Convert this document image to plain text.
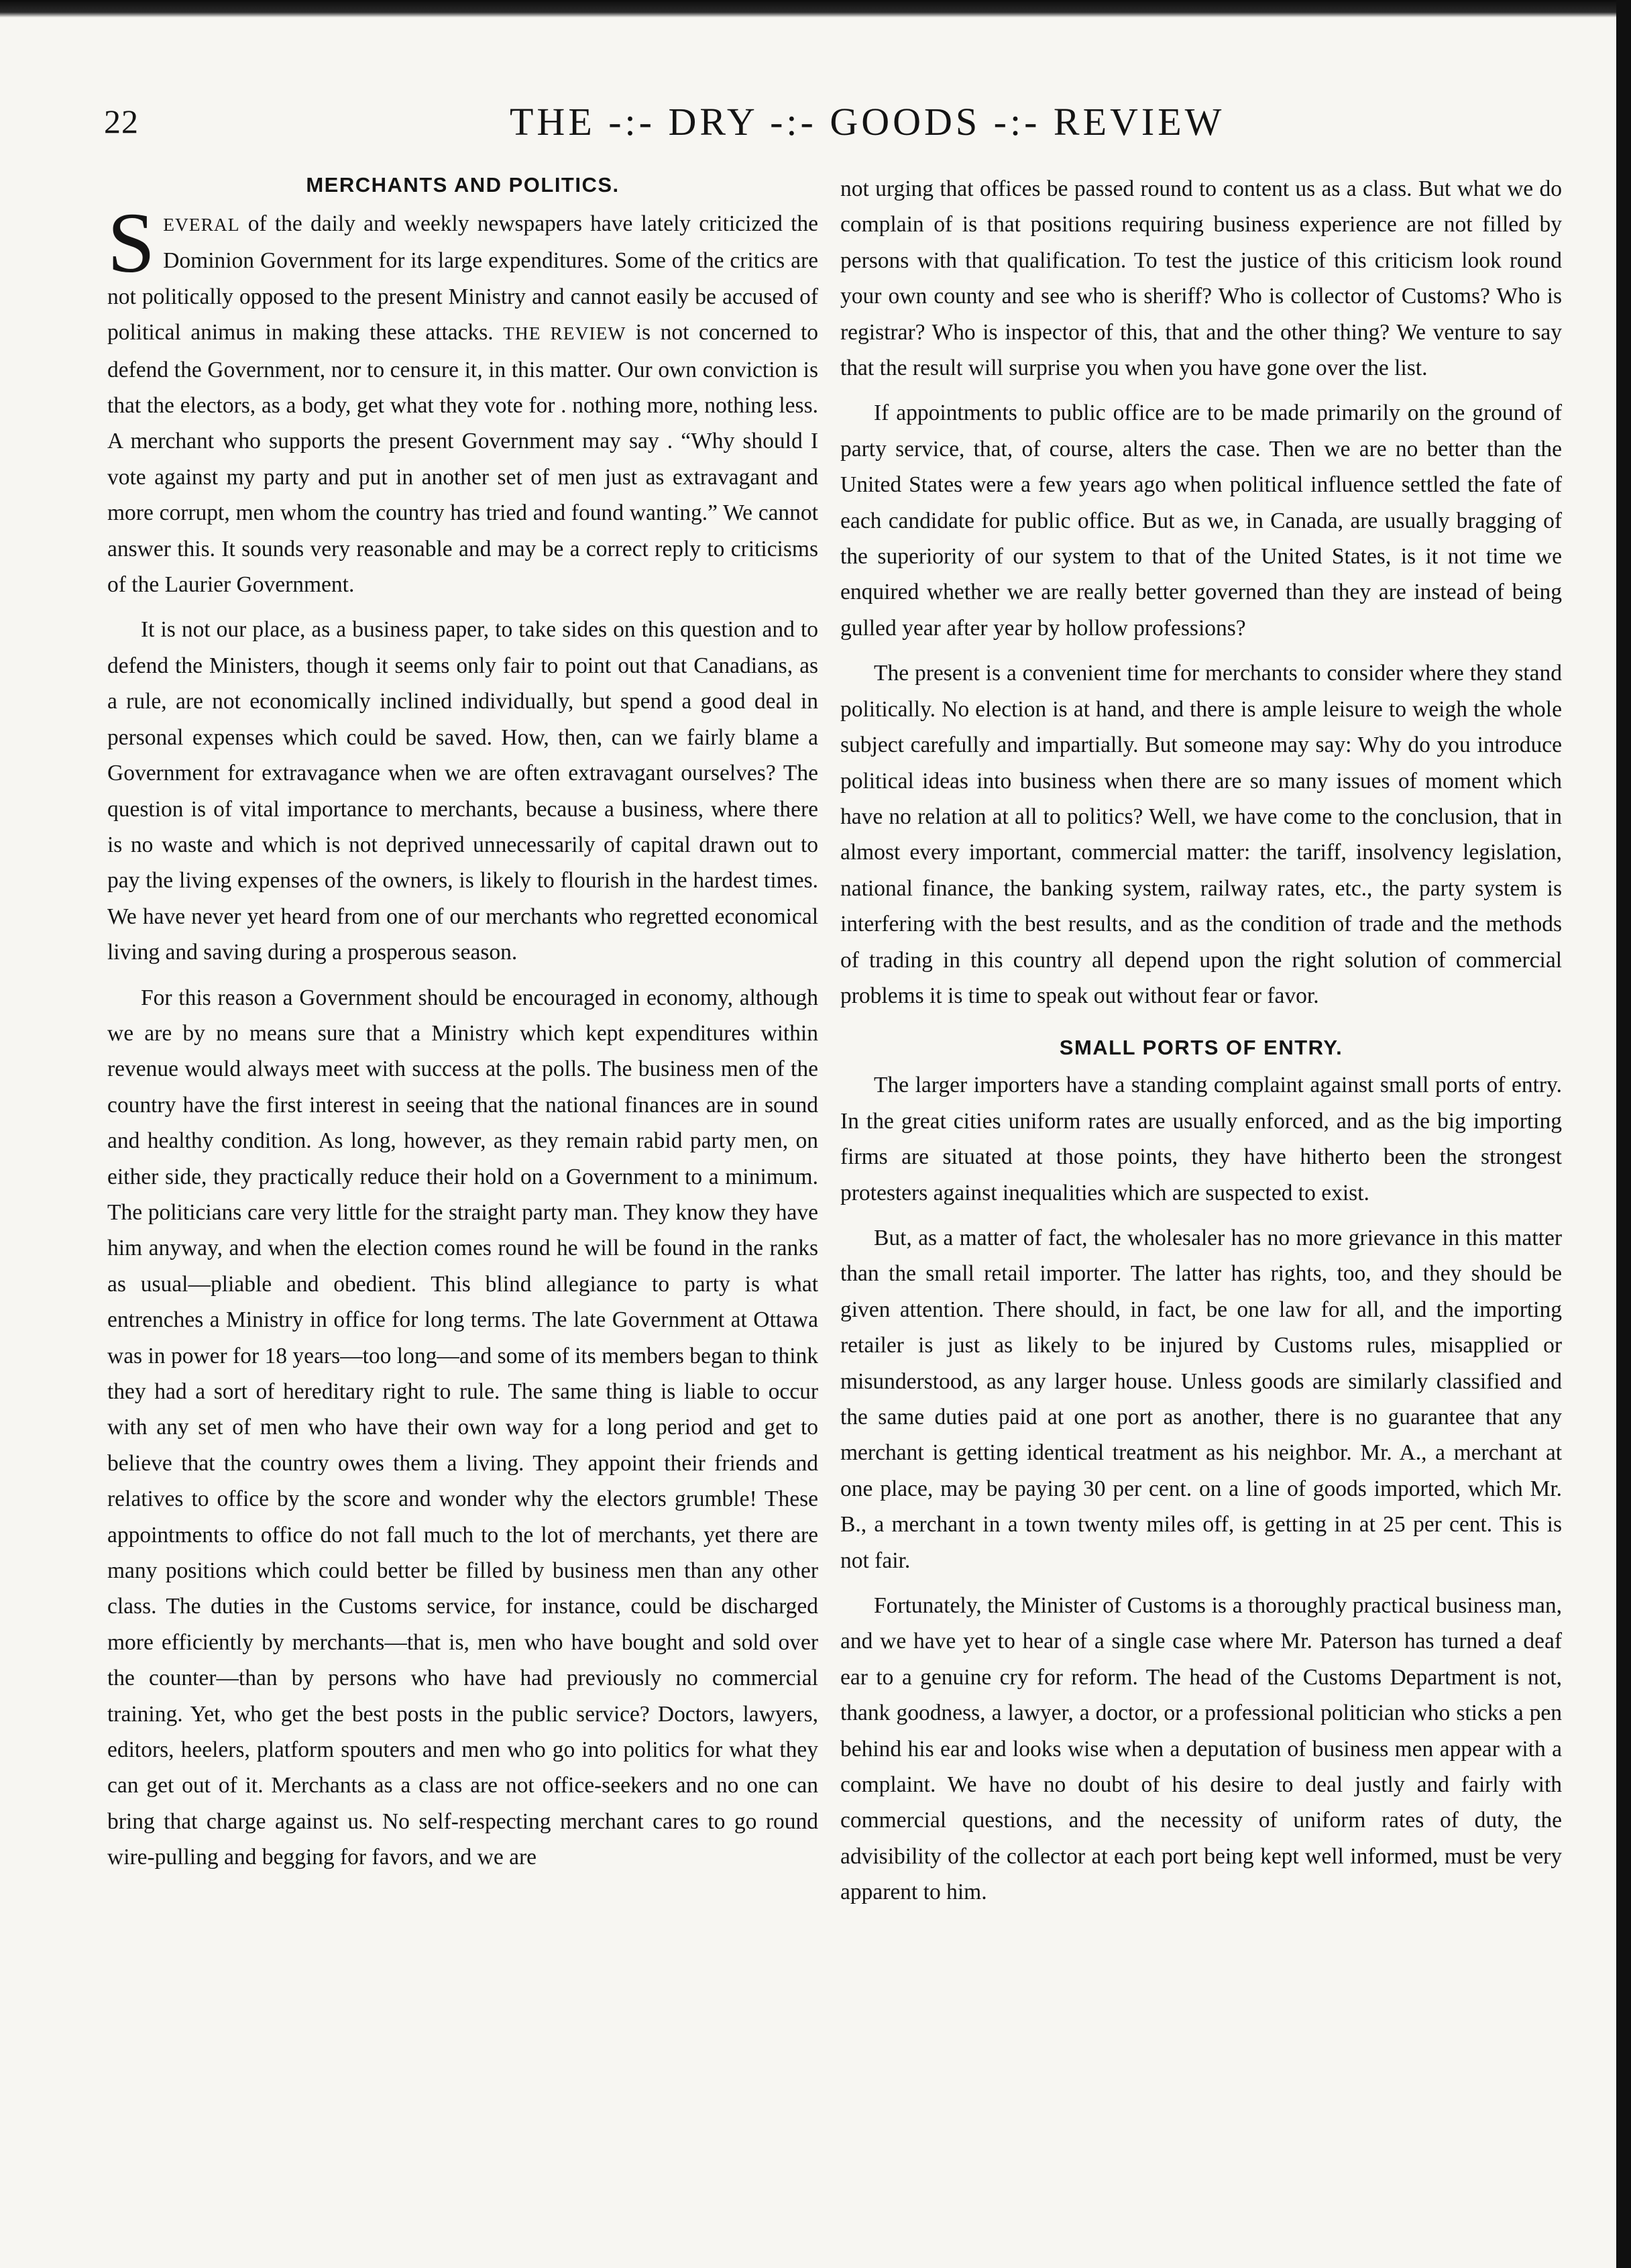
22	THE -:- DRY -:- GOODS -:- REVIEW
MERCHANTS AND POLITICS.

SEVERAL of the daily and weekly newspapers have lately criticized the Dominion Government for its large expenditures. Some of the critics are not politically opposed to the present Ministry and cannot easily be accused of political animus in making these attacks. THE REVIEW is not concerned to defend the Government, nor to censure it, in this matter. Our own conviction is that the electors, as a body, get what they vote for . nothing more, nothing less. A merchant who supports the present Government may say . “Why should I vote against my party and put in another set of men just as extravagant and more corrupt, men whom the country has tried and found wanting.” We cannot answer this. It sounds very reasonable and may be a correct reply to criticisms of the Laurier Government.

It is not our place, as a business paper, to take sides on this question and to defend the Ministers, though it seems only fair to point out that Canadians, as a rule, are not economically inclined individually, but spend a good deal in personal expenses which could be saved. How, then, can we fairly blame a Government for extravagance when we are often extravagant ourselves? The question is of vital importance to merchants, because a business, where there is no waste and which is not deprived unnecessarily of capital drawn out to pay the living expenses of the owners, is likely to flourish in the hardest times. We have never yet heard from one of our merchants who regretted economical living and saving during a prosperous season.

For this reason a Government should be encouraged in economy, although we are by no means sure that a Ministry which kept expenditures within revenue would always meet with success at the polls. The business men of the country have the first interest in seeing that the national finances are in sound and healthy condition. As long, however, as they remain rabid party men, on either side, they practically reduce their hold on a Government to a minimum. The politicians care very little for the straight party man. They know they have him anyway, and when the election comes round he will be found in the ranks as usual—pliable and obedient. This blind allegiance to party is what entrenches a Ministry in office for long terms. The late Government at Ottawa was in power for 18 years—too long—and some of its members began to think they had a sort of hereditary right to rule. The same thing is liable to occur with any set of men who have their own way for a long period and get to believe that the country owes them a living. They appoint their friends and relatives to office by the score and wonder why the electors grumble! These appointments to office do not fall much to the lot of merchants, yet there are many positions which could better be filled by business men than any other class. The duties in the Customs service, for instance, could be discharged more efficiently by merchants—that is, men who have bought and sold over the counter—than by persons who have had previously no commercial training. Yet, who get the best posts in the public service? Doctors, lawyers, editors, heelers, platform spouters and men who go into politics for what they can get out of it. Merchants as a class are not office-seekers and no one can bring that charge against us. No self-respecting merchant cares to go round wire-pulling and begging for favors, and we are

not urging that offices be passed round to content us as a class. But what we do complain of is that positions requiring business experience are not filled by persons with that qualification. To test the justice of this criticism look round your own county and see who is sheriff? Who is collector of Customs? Who is registrar? Who is inspector of this, that and the other thing? We venture to say that the result will surprise you when you have gone over the list.

If appointments to public office are to be made primarily on the ground of party service, that, of course, alters the case. Then we are no better than the United States were a few years ago when political influence settled the fate of each candidate for public office. But as we, in Canada, are usually bragging of the superiority of our system to that of the United States, is it not time we enquired whether we are really better governed than they are instead of being gulled year after year by hollow professions?

The present is a convenient time for merchants to consider where they stand politically. No election is at hand, and there is ample leisure to weigh the whole subject carefully and impartially. But someone may say: Why do you introduce political ideas into business when there are so many issues of moment which have no relation at all to politics? Well, we have come to the conclusion, that in almost every important, commercial matter: the tariff, insolvency legislation, national finance, the banking system, railway rates, etc., the party system is interfering with the best results, and as the condition of trade and the methods of trading in this country all depend upon the right solution of commercial problems it is time to speak out without fear or favor.

SMALL PORTS OF ENTRY.

The larger importers have a standing complaint against small ports of entry. In the great cities uniform rates are usually enforced, and as the big importing firms are situated at those points, they have hitherto been the strongest protesters against inequalities which are suspected to exist.

But, as a matter of fact, the wholesaler has no more grievance in this matter than the small retail importer. The latter has rights, too, and they should be given attention. There should, in fact, be one law for all, and the importing retailer is just as likely to be injured by Customs rules, misapplied or misunderstood, as any larger house. Unless goods are similarly classified and the same duties paid at one port as another, there is no guarantee that any merchant is getting identical treatment as his neighbor. Mr. A., a merchant at one place, may be paying 30 per cent. on a line of goods imported, which Mr. B., a merchant in a town twenty miles off, is getting in at 25 per cent. This is not fair.

Fortunately, the Minister of Customs is a thoroughly practical business man, and we have yet to hear of a single case where Mr. Paterson has turned a deaf ear to a genuine cry for reform. The head of the Customs Department is not, thank goodness, a lawyer, a doctor, or a professional politician who sticks a pen behind his ear and looks wise when a deputation of business men appear with a complaint. We have no doubt of his desire to deal justly and fairly with commercial questions, and the necessity of uniform rates of duty, the advisibility of the collector at each port being kept well informed, must be very apparent to him.
